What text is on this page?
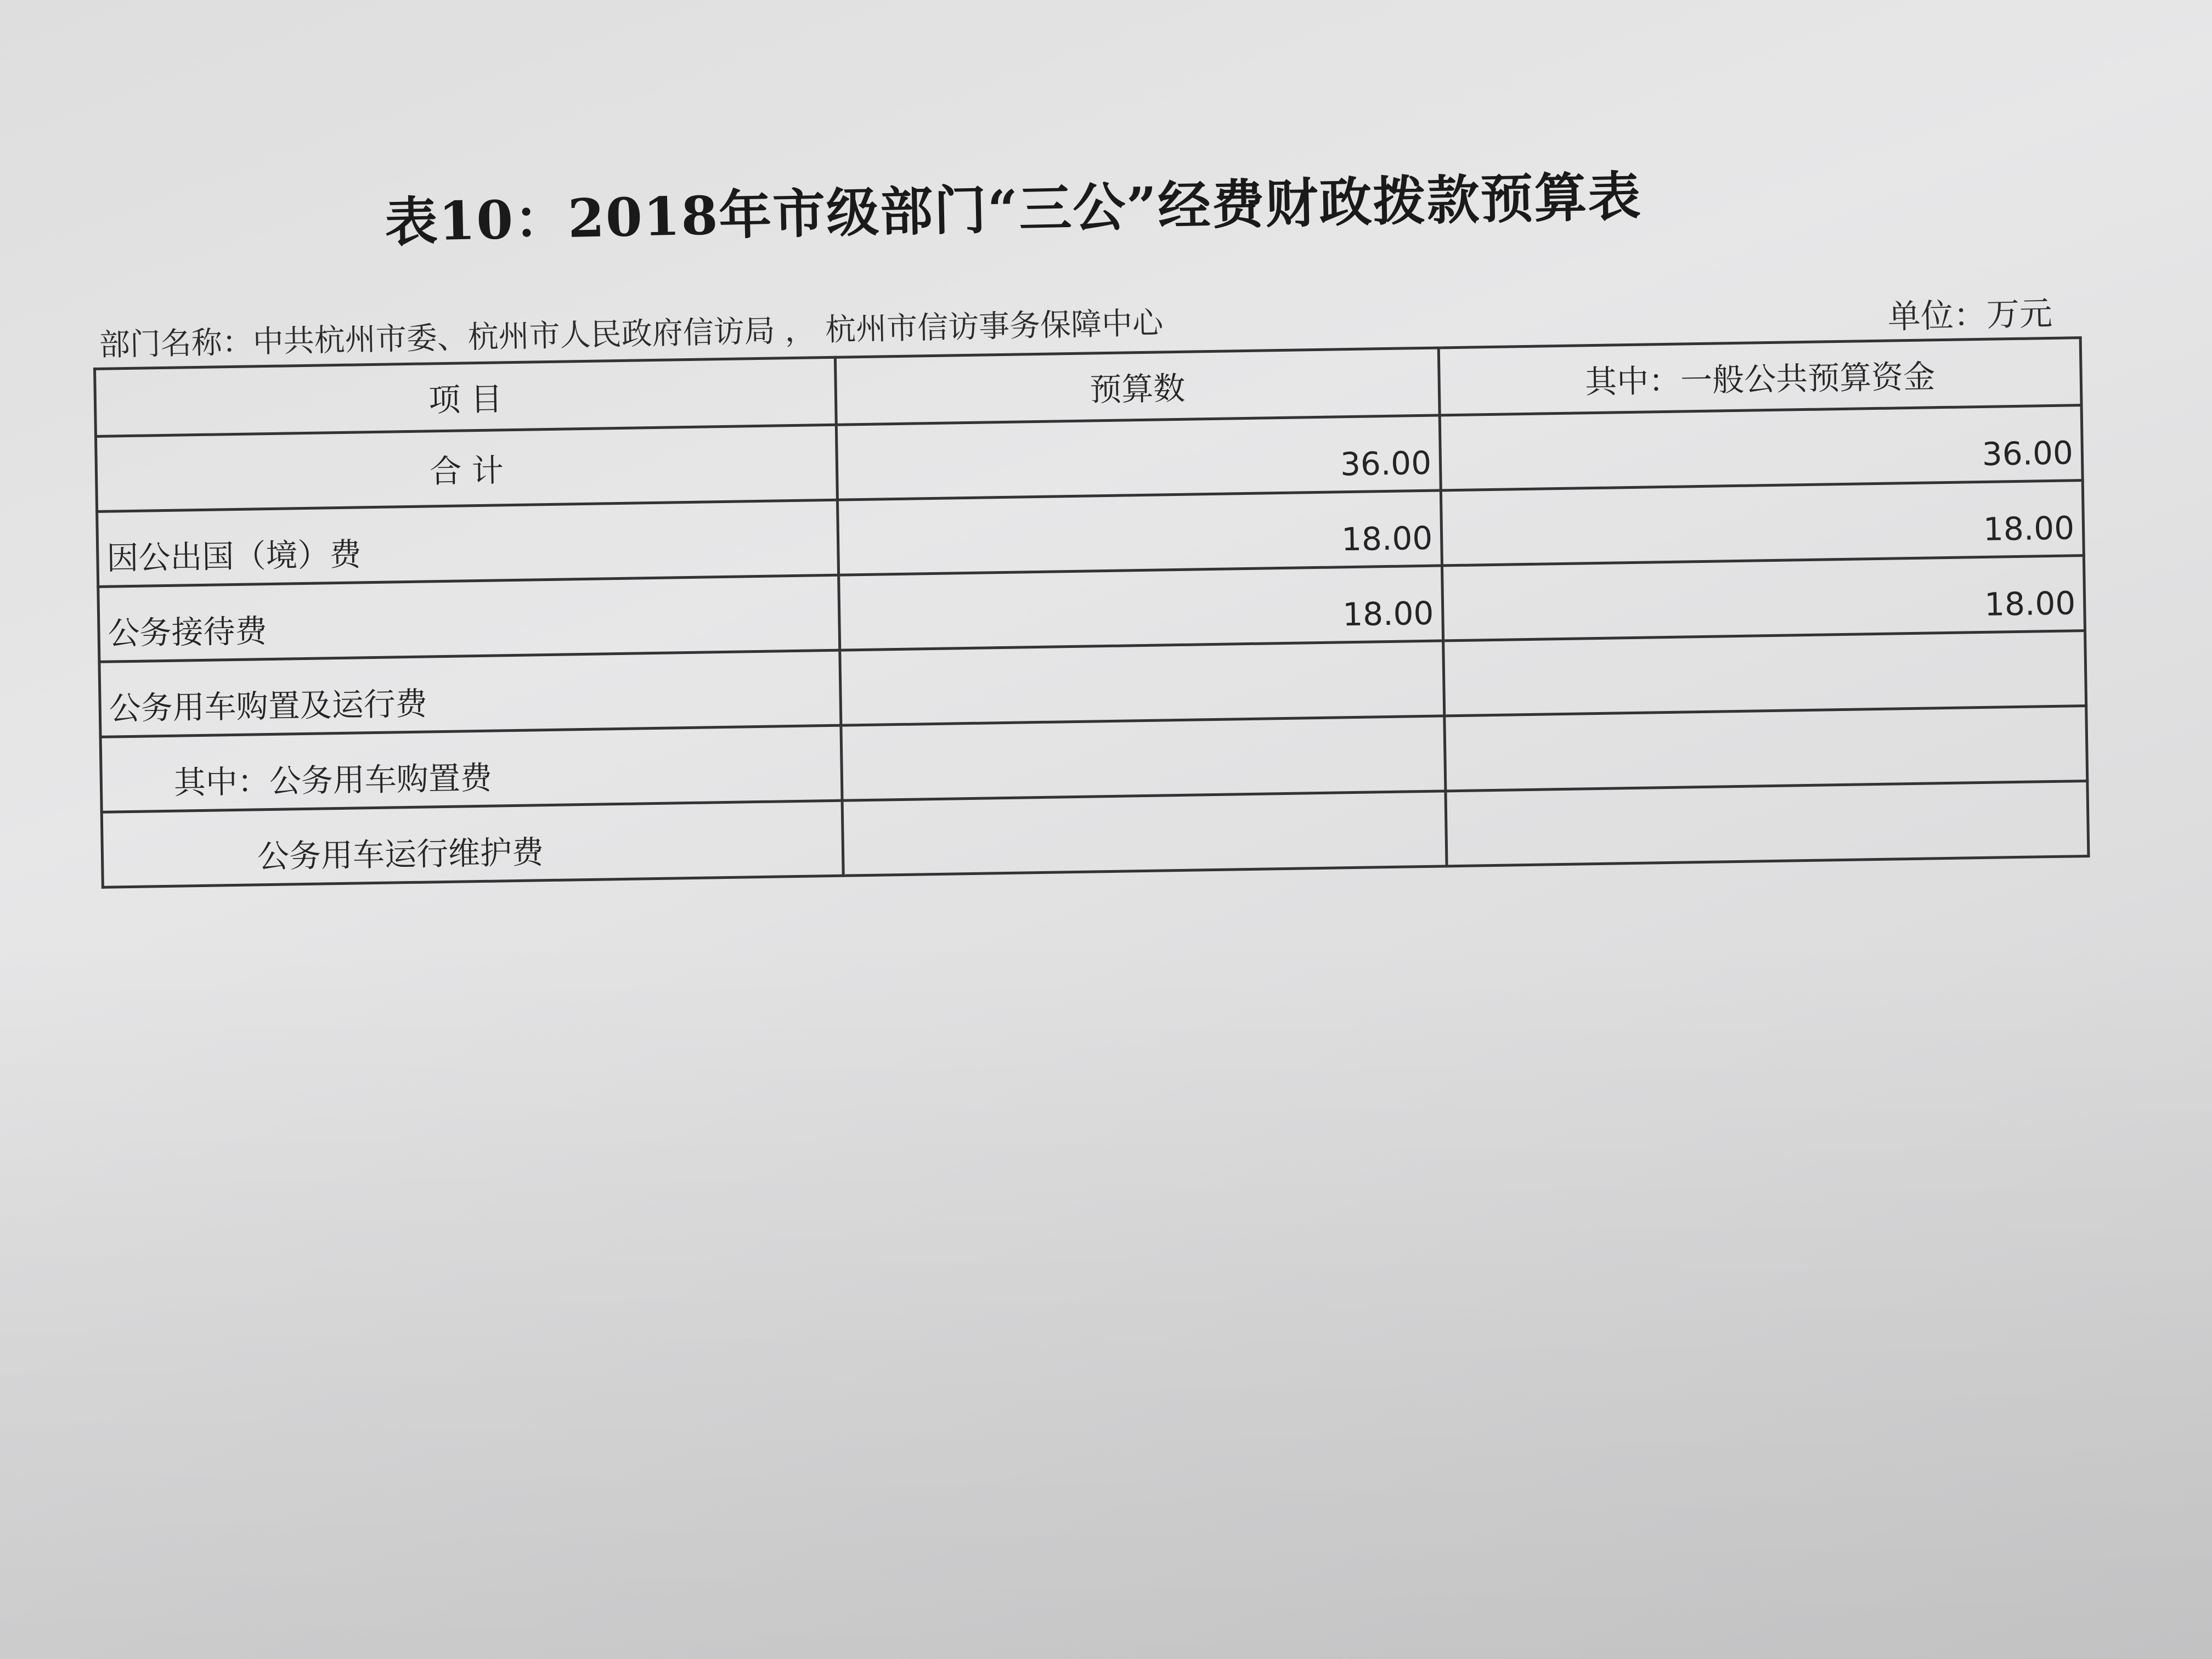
表10：2018年市级部门“三公”经费财政拨款预算表
单位：万元
部门名称：中共杭州市委、杭州市人民政府信访局 ， 杭州市信访事务保障中心
项 目	预算数	其中：一般公共预算资金
合 计	36.00	36.00
因公出国（境）费	18.00	18.00
公务接待费	18.00	18.00
公务用车购置及运行费		
其中：公务用车购置费		
公务用车运行维护费		
